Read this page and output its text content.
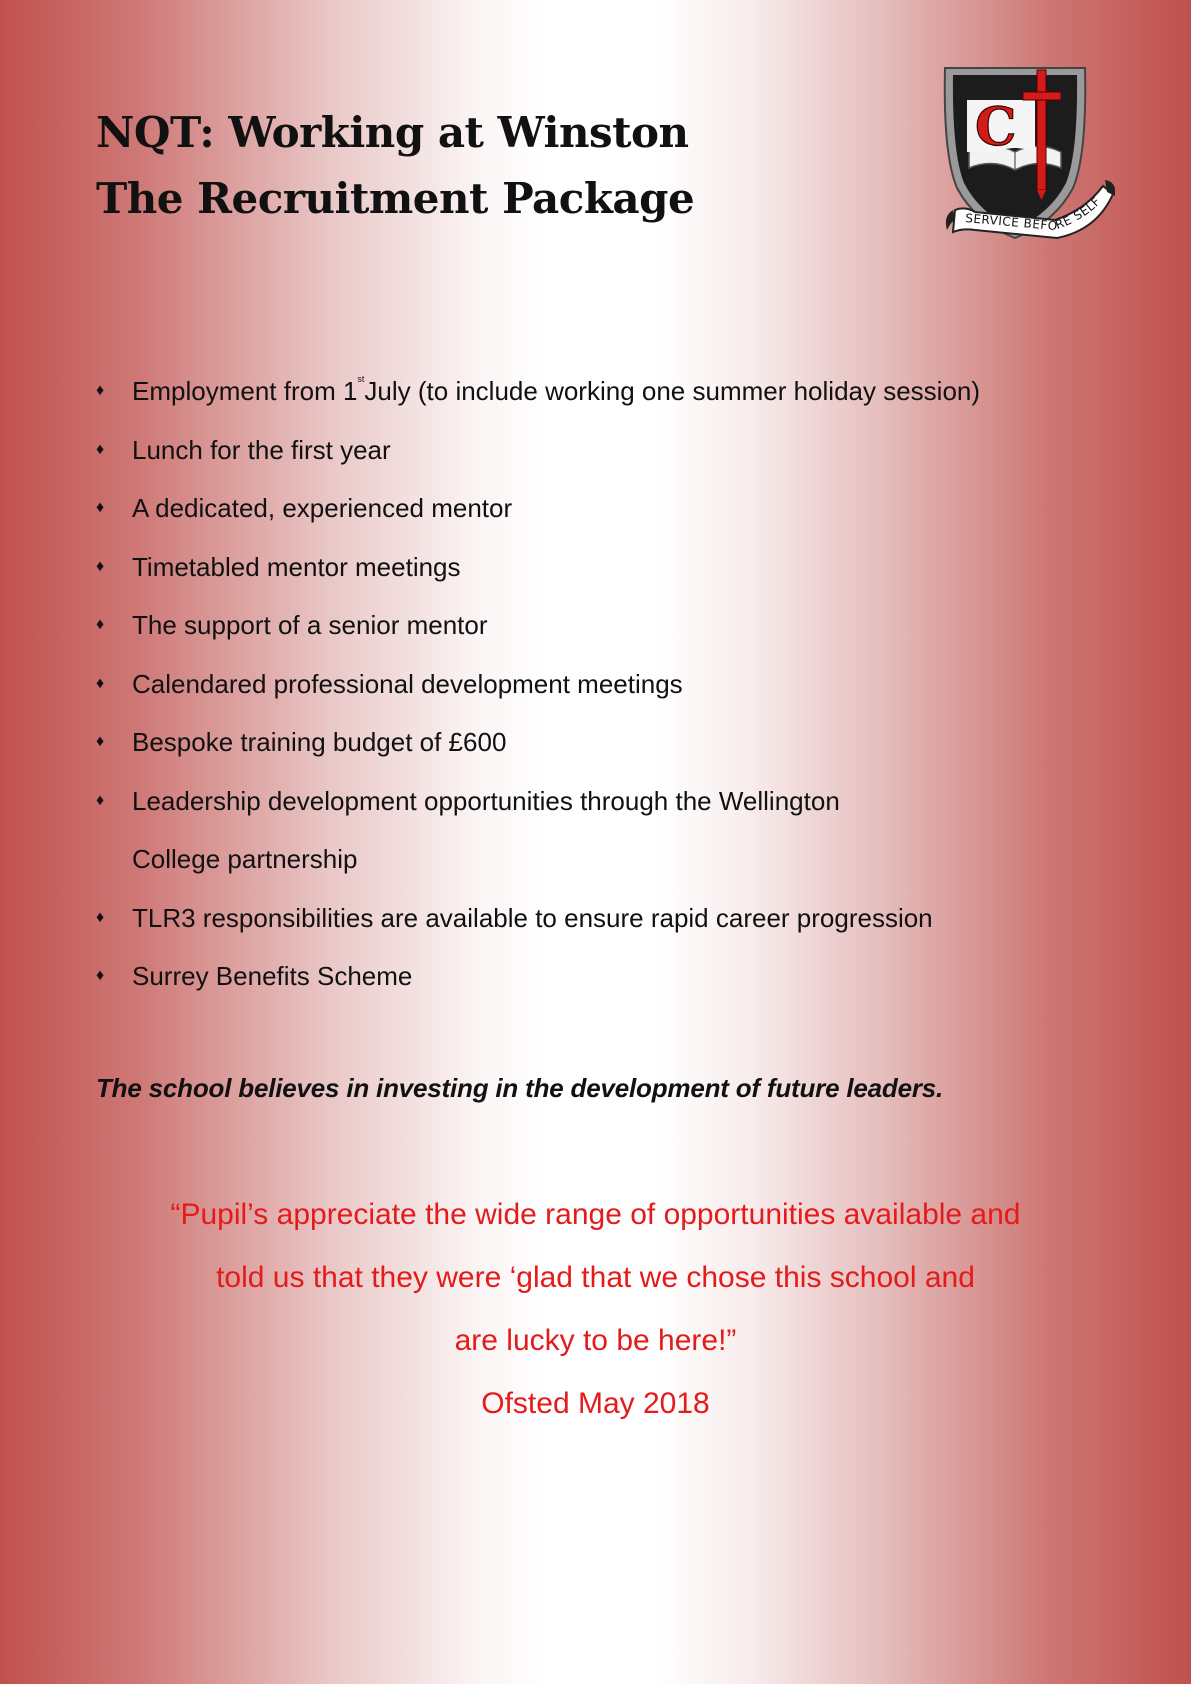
NQT: Working at Winston
The Recruitment Package
C
SERVICE BEFORE SELF
♦ Employment from 1stJuly (to include working one summer holiday session)
♦ Lunch for the first year
♦ A dedicated, experienced mentor
♦ Timetabled mentor meetings
♦ The support of a senior mentor
♦ Calendared professional development meetings
♦ Bespoke training budget of £600
♦ Leadership development opportunities through the Wellington
College partnership
♦ TLR3 responsibilities are available to ensure rapid career progression
♦ Surrey Benefits Scheme

The school believes in investing in the development of future leaders.

“Pupil’s appreciate the wide range of opportunities available and
told us that they were ‘glad that we chose this school and
are lucky to be here!”
Ofsted May 2018
